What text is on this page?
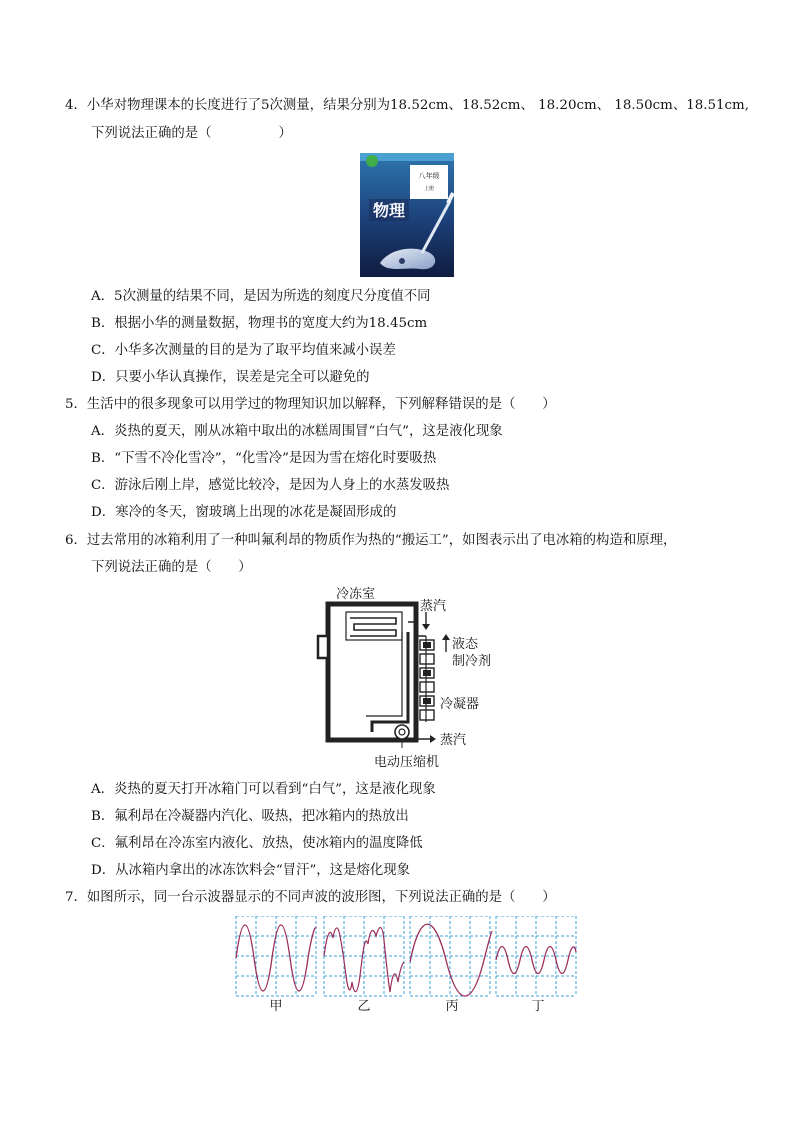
4．小华对物理课本的长度进行了5次测量，结果分别为18.52cm、18.52cm、 18.20cm、 18.50cm、18.51cm,
下列说法正确的是（　　　　　）
八年级
上册
物理
A．5次测量的结果不同，是因为所选的刻度尺分度值不同
B．根据小华的测量数据，物理书的宽度大约为18.45cm
C．小华多次测量的目的是为了取平均值来减小误差
D．只要小华认真操作，误差是完全可以避免的
5．生活中的很多现象可以用学过的物理知识加以解释，下列解释错误的是（　　）
A．炎热的夏天，刚从冰箱中取出的冰糕周围冒“白气”，这是液化现象
B．“下雪不冷化雪冷”，“化雪冷”是因为雪在熔化时要吸热
C．游泳后刚上岸，感觉比较冷，是因为人身上的水蒸发吸热
D．寒冷的冬天，窗玻璃上出现的冰花是凝固形成的
6．过去常用的冰箱利用了一种叫氟利昂的物质作为热的“搬运工”，如图表示出了电冰箱的构造和原理，
下列说法正确的是（　　）
冷冻室
蒸汽
液态
制冷剂
冷凝器
蒸汽
电动压缩机
A．炎热的夏天打开冰箱门可以看到“白气”，这是液化现象
B．氟利昂在冷凝器内汽化、吸热，把冰箱内的热放出
C．氟利昂在冷冻室内液化、放热，使冰箱内的温度降低
D．从冰箱内拿出的冰冻饮料会“冒汗”，这是熔化现象
7．如图所示，同一台示波器显示的不同声波的波形图，下列说法正确的是（　　）
甲	乙	丙	丁
